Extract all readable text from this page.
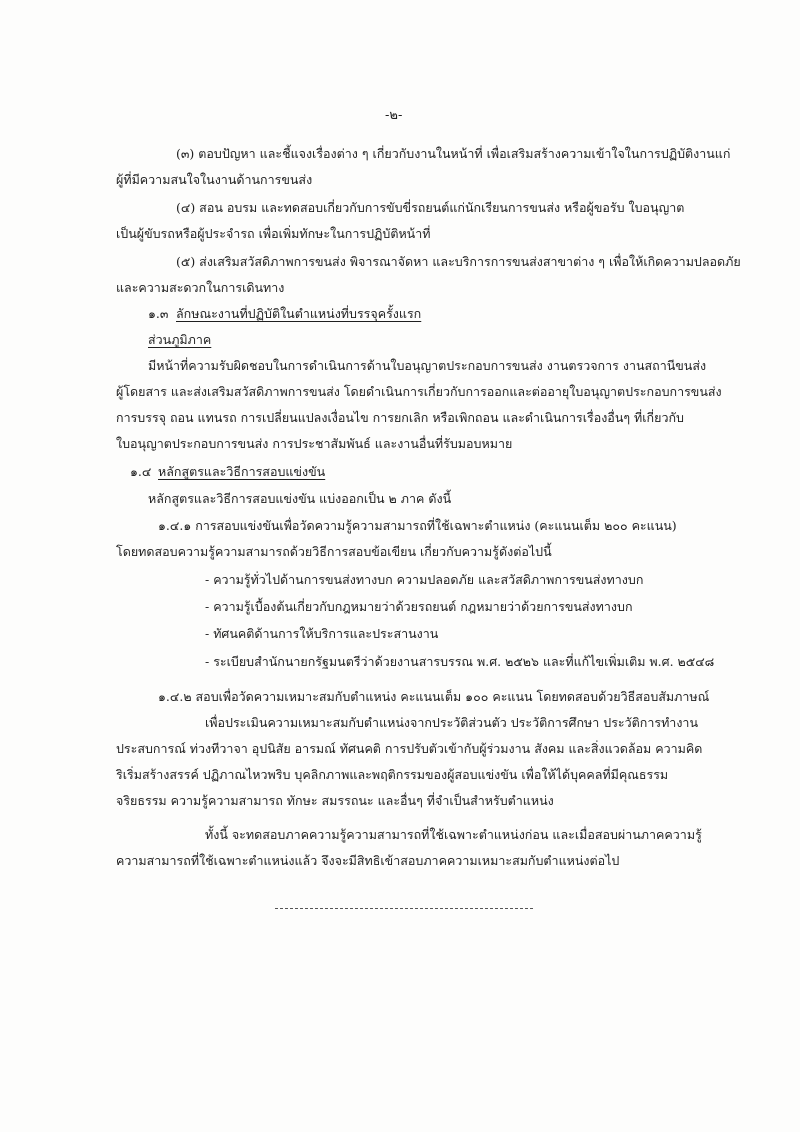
-๒-
(๓) ตอบปัญหา และชี้แจงเรื่องต่าง ๆ เกี่ยวกับงานในหน้าที่ เพื่อเสริมสร้างความเข้าใจในการปฏิบัติงานแก่
ผู้ที่มีความสนใจในงานด้านการขนส่ง
(๔) สอน อบรม และทดสอบเกี่ยวกับการขับขี่รถยนต์แก่นักเรียนการขนส่ง หรือผู้ขอรับ ใบอนุญาต
เป็นผู้ขับรถหรือผู้ประจำรถ เพื่อเพิ่มทักษะในการปฏิบัติหน้าที่
(๕) ส่งเสริมสวัสดิภาพการขนส่ง พิจารณาจัดหา และบริการการขนส่งสาขาต่าง ๆ เพื่อให้เกิดความปลอดภัย
และความสะดวกในการเดินทาง
๑.๓ ลักษณะงานที่ปฏิบัติในตำแหน่งที่บรรจุครั้งแรก
ส่วนภูมิภาค
มีหน้าที่ความรับผิดชอบในการดำเนินการด้านใบอนุญาตประกอบการขนส่ง งานตรวจการ งานสถานีขนส่ง
ผู้โดยสาร และส่งเสริมสวัสดิภาพการขนส่ง โดยดำเนินการเกี่ยวกับการออกและต่ออายุใบอนุญาตประกอบการขนส่ง
การบรรจุ ถอน แทนรถ การเปลี่ยนแปลงเงื่อนไข การยกเลิก หรือเพิกถอน และดำเนินการเรื่องอื่นๆ ที่เกี่ยวกับ
ใบอนุญาตประกอบการขนส่ง การประชาสัมพันธ์ และงานอื่นที่รับมอบหมาย
๑.๔ หลักสูตรและวิธีการสอบแข่งขัน
หลักสูตรและวิธีการสอบแข่งขัน แบ่งออกเป็น ๒ ภาค ดังนี้
๑.๔.๑ การสอบแข่งขันเพื่อวัดความรู้ความสามารถที่ใช้เฉพาะตำแหน่ง (คะแนนเต็ม ๒๐๐ คะแนน)
โดยทดสอบความรู้ความสามารถด้วยวิธีการสอบข้อเขียน เกี่ยวกับความรู้ดังต่อไปนี้
- ความรู้ทั่วไปด้านการขนส่งทางบก ความปลอดภัย และสวัสดิภาพการขนส่งทางบก
- ความรู้เบื้องต้นเกี่ยวกับกฎหมายว่าด้วยรถยนต์ กฎหมายว่าด้วยการขนส่งทางบก
- ทัศนคติด้านการให้บริการและประสานงาน
- ระเบียบสำนักนายกรัฐมนตรีว่าด้วยงานสารบรรณ พ.ศ. ๒๕๒๖ และที่แก้ไขเพิ่มเติม พ.ศ. ๒๕๔๘
๑.๔.๒ สอบเพื่อวัดความเหมาะสมกับตำแหน่ง คะแนนเต็ม ๑๐๐ คะแนน โดยทดสอบด้วยวิธีสอบสัมภาษณ์
เพื่อประเมินความเหมาะสมกับตำแหน่งจากประวัติส่วนตัว ประวัติการศึกษา ประวัติการทำงาน
ประสบการณ์ ท่วงทีวาจา อุปนิสัย อารมณ์ ทัศนคติ การปรับตัวเข้ากับผู้ร่วมงาน สังคม และสิ่งแวดล้อม ความคิด
ริเริ่มสร้างสรรค์ ปฏิภาณไหวพริบ บุคลิกภาพและพฤติกรรมของผู้สอบแข่งขัน เพื่อให้ได้บุคคลที่มีคุณธรรม
จริยธรรม ความรู้ความสามารถ ทักษะ สมรรถนะ และอื่นๆ ที่จำเป็นสำหรับตำแหน่ง
ทั้งนี้ จะทดสอบภาคความรู้ความสามารถที่ใช้เฉพาะตำแหน่งก่อน และเมื่อสอบผ่านภาคความรู้
ความสามารถที่ใช้เฉพาะตำแหน่งแล้ว จึงจะมีสิทธิเข้าสอบภาคความเหมาะสมกับตำแหน่งต่อไป
